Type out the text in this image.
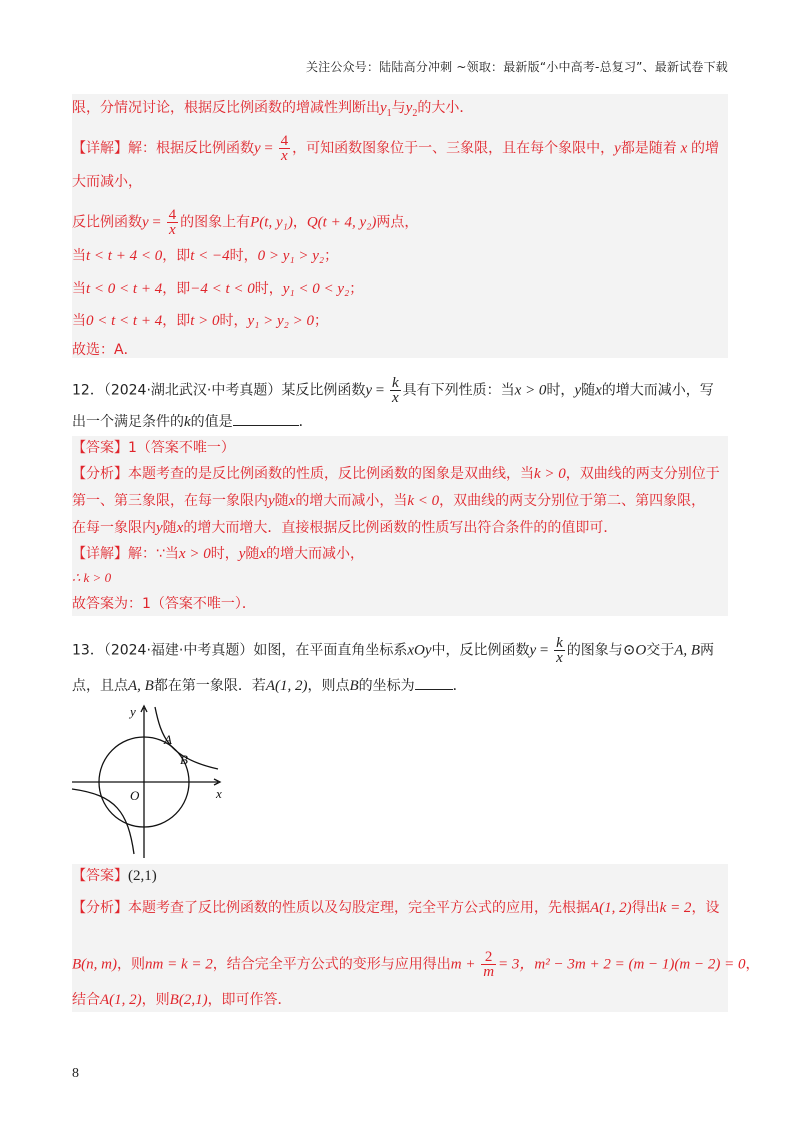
关注公众号：陆陆高分冲刺 ~领取：最新版“小中高考-总复习”、最新试卷下载
限，分情况讨论，根据反比例函数的增减性判断出$y_1$与$y_2$的大小．
【详解】解：根据反比例函数$y = \frac{4}{x}$ ，可知函数图象位于一、三象限，且在每个象限中，y都是随着 x 的增
大而减小，
反比例函数$y = \frac{4}{x}$ 的图象上有P(t, y₁)，Q(t + 4, y₂)两点，
当t < t + 4 < 0，即t < −4时，0 > y₁ > y₂；
当t < 0 < t + 4，即−4 < t < 0时，y₁ < 0 < y₂；
当0 < t < t + 4，即t > 0时，y₁ > y₂ > 0；
故选：A．
12．（2024·湖北武汉·中考真题）某反比例函数$y = \frac{k}{x}$ 具有下列性质：当x > 0时，y随x的增大而减小，写
出一个满足条件的k的值是	．
【答案】1（答案不唯一）
【分析】本题考查的是反比例函数的性质，反比例函数的图象是双曲线，当k > 0，双曲线的两支分别位于
第一、第三象限，在每一象限内y随x的增大而减小，当k < 0，双曲线的两支分别位于第二、第四象限，
在每一象限内y随x的增大而增大．直接根据反比例函数的性质写出符合条件的的值即可．
【详解】解：∵当x > 0时，y随x的增大而减小，
∴ k > 0
故答案为：1（答案不唯一）．
13．（2024·福建·中考真题）如图，在平面直角坐标系xOy中，反比例函数$y = \frac{k}{x}$ 的图象与⊙O交于A, B两
点，且点A, B都在第一象限．若A(1, 2)，则点B的坐标为	．
y
x
O
A
B
【答案】(2,1)
【分析】本题考查了反比例函数的性质以及勾股定理，完全平方公式的应用，先根据A(1, 2)得出k = 2，设
B(n, m)，则nm = k = 2，结合完全平方公式的变形与应用得出$m + \frac{2}{m} = 3$，m² − 3m + 2 = (m − 1)(m − 2) = 0，
结合A(1, 2)，则B(2,1)，即可作答．
8
